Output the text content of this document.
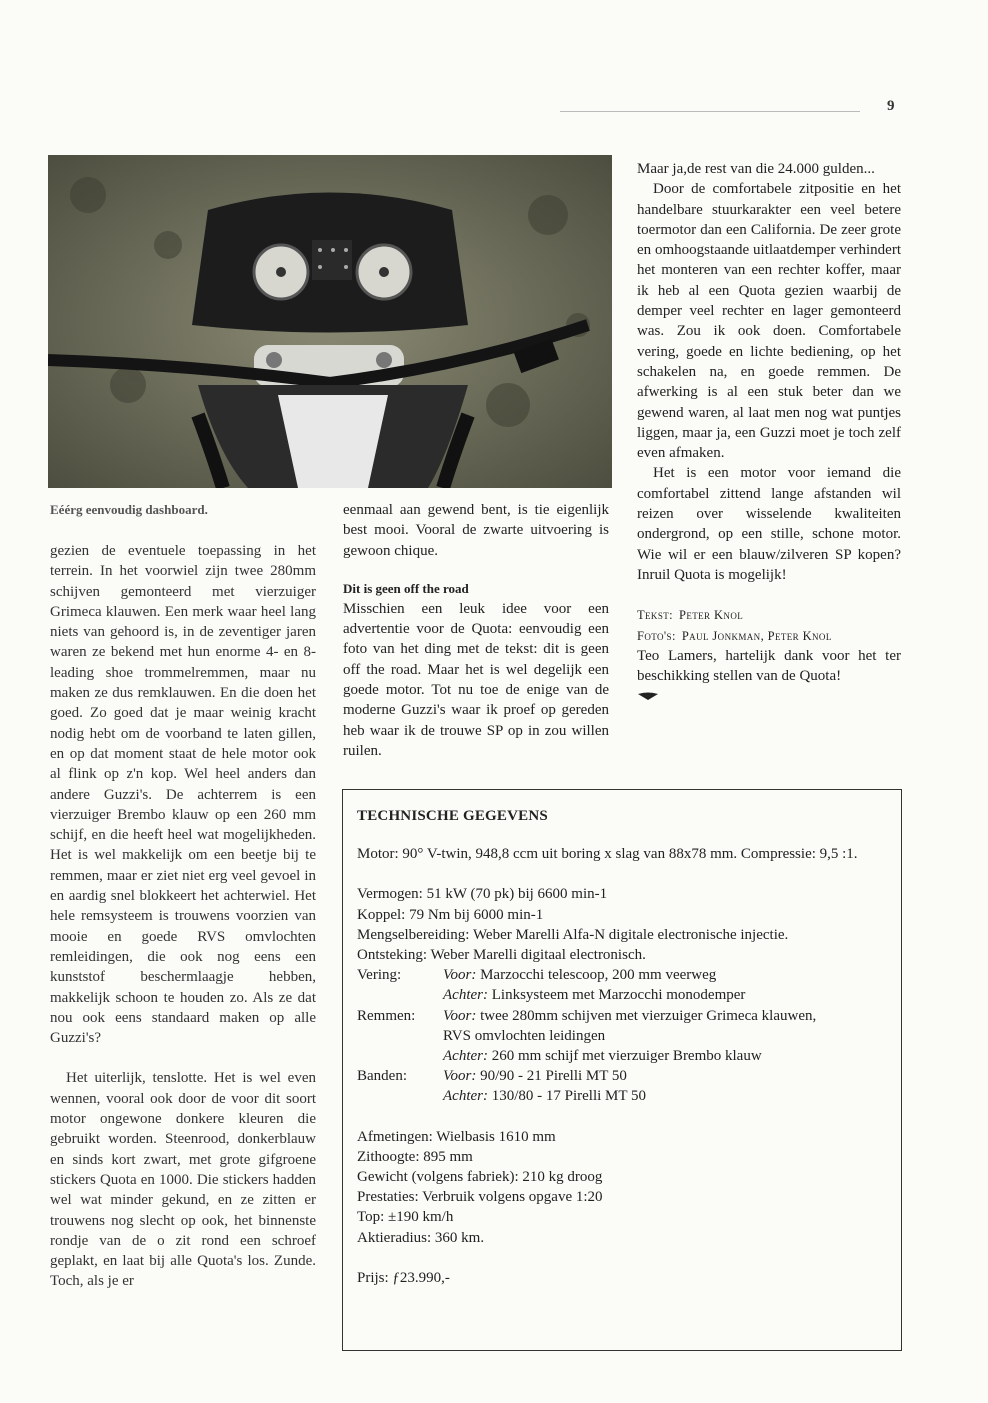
9
Eéérg eenvoudig dashboard.

gezien de eventuele toepassing in het terrein. In het voorwiel zijn twee 280mm schijven gemonteerd met vierzuiger Grimeca klauwen. Een merk waar heel lang niets van gehoord is, in de zeventiger jaren waren ze bekend met hun enorme 4- en 8-leading shoe trommelremmen, maar nu maken ze dus remklauwen. En die doen het goed. Zo goed dat je maar weinig kracht nodig hebt om de voorband te laten gillen, en op dat moment staat de hele motor ook al flink op z'n kop. Wel heel anders dan andere Guzzi's. De achterrem is een vierzuiger Brembo klauw op een 260 mm schijf, en die heeft heel wat mogelijkheden. Het is wel makkelijk om een beetje bij te remmen, maar er ziet niet erg veel gevoel in en aardig snel blokkeert het achterwiel. Het hele remsysteem is trouwens voorzien van mooie en goede RVS omvlochten remleidingen, die ook nog eens een kunststof beschermlaagje hebben, makkelijk schoon te houden zo. Als ze dat nou ook eens standaard maken op alle Guzzi's?

Het uiterlijk, tenslotte. Het is wel even wennen, vooral ook door de voor dit soort motor ongewone donkere kleuren die gebruikt worden. Steenrood, donkerblauw en sinds kort zwart, met grote gifgroene stickers Quota en 1000. Die stickers hadden wel wat minder gekund, en ze zitten er trouwens nog slecht op ook, het binnenste rondje van de o zit rond een schroef geplakt, en laat bij alle Quota's los. Zunde. Toch, als je er

eenmaal aan gewend bent, is tie eigenlijk best mooi. Vooral de zwarte uitvoering is gewoon chique.

Dit is geen off the road

Misschien een leuk idee voor een advertentie voor de Quota: eenvoudig een foto van het ding met de tekst: dit is geen off the road. Maar het is wel degelijk een goede motor. Tot nu toe de enige van de moderne Guzzi's waar ik proef op gereden heb waar ik de trouwe SP op in zou willen ruilen.

Maar ja,de rest van die 24.000 gulden...

Door de comfortabele zitpositie en het handelbare stuurkarakter een veel betere toermotor dan een California. De zeer grote en omhoogstaande uitlaatdemper verhindert het monteren van een rechter koffer, maar ik heb al een Quota gezien waarbij de demper veel rechter en lager gemonteerd was. Zou ik ook doen. Comfortabele vering, goede en lichte bediening, op het schakelen na, en goede remmen. De afwerking is al een stuk beter dan we gewend waren, al laat men nog wat puntjes liggen, maar ja, een Guzzi moet je toch zelf even afmaken.

Het is een motor voor iemand die comfortabel zittend lange afstanden wil reizen over wisselende kwaliteiten ondergrond, op een stille, schone motor. Wie wil er een blauw/zilveren SP kopen? Inruil Quota is mogelijk!

Tekst: Peter Knol
Foto's: Paul Jonkman, Peter Knol

Teo Lamers, hartelijk dank voor het ter beschikking stellen van de Quota!

TECHNISCHE GEGEVENS
Motor: 90° V-twin, 948,8 ccm uit boring x slag van 88x78 mm. Compressie: 9,5 :1.
Vermogen: 51 kW (70 pk) bij 6600 min-1
Koppel: 79 Nm bij 6000 min-1
Mengselbereiding: Weber Marelli Alfa-N digitale electronische injectie.
Ontsteking: Weber Marelli digitaal electronisch.
Vering:	Voor: Marzocchi telescoop, 200 mm veerweg
Achter: Linksysteem met Marzocchi monodemper
Remmen:	Voor: twee 280mm schijven met vierzuiger Grimeca klauwen,
RVS omvlochten leidingen
Achter: 260 mm schijf met vierzuiger Brembo klauw
Banden:	Voor: 90/90 - 21 Pirelli MT 50
Achter: 130/80 - 17 Pirelli MT 50
Afmetingen: Wielbasis 1610 mm
Zithoogte: 895 mm
Gewicht (volgens fabriek): 210 kg droog
Prestaties: Verbruik volgens opgave 1:20
Top: ±190 km/h
Aktieradius: 360 km.
Prijs: ƒ23.990,-
